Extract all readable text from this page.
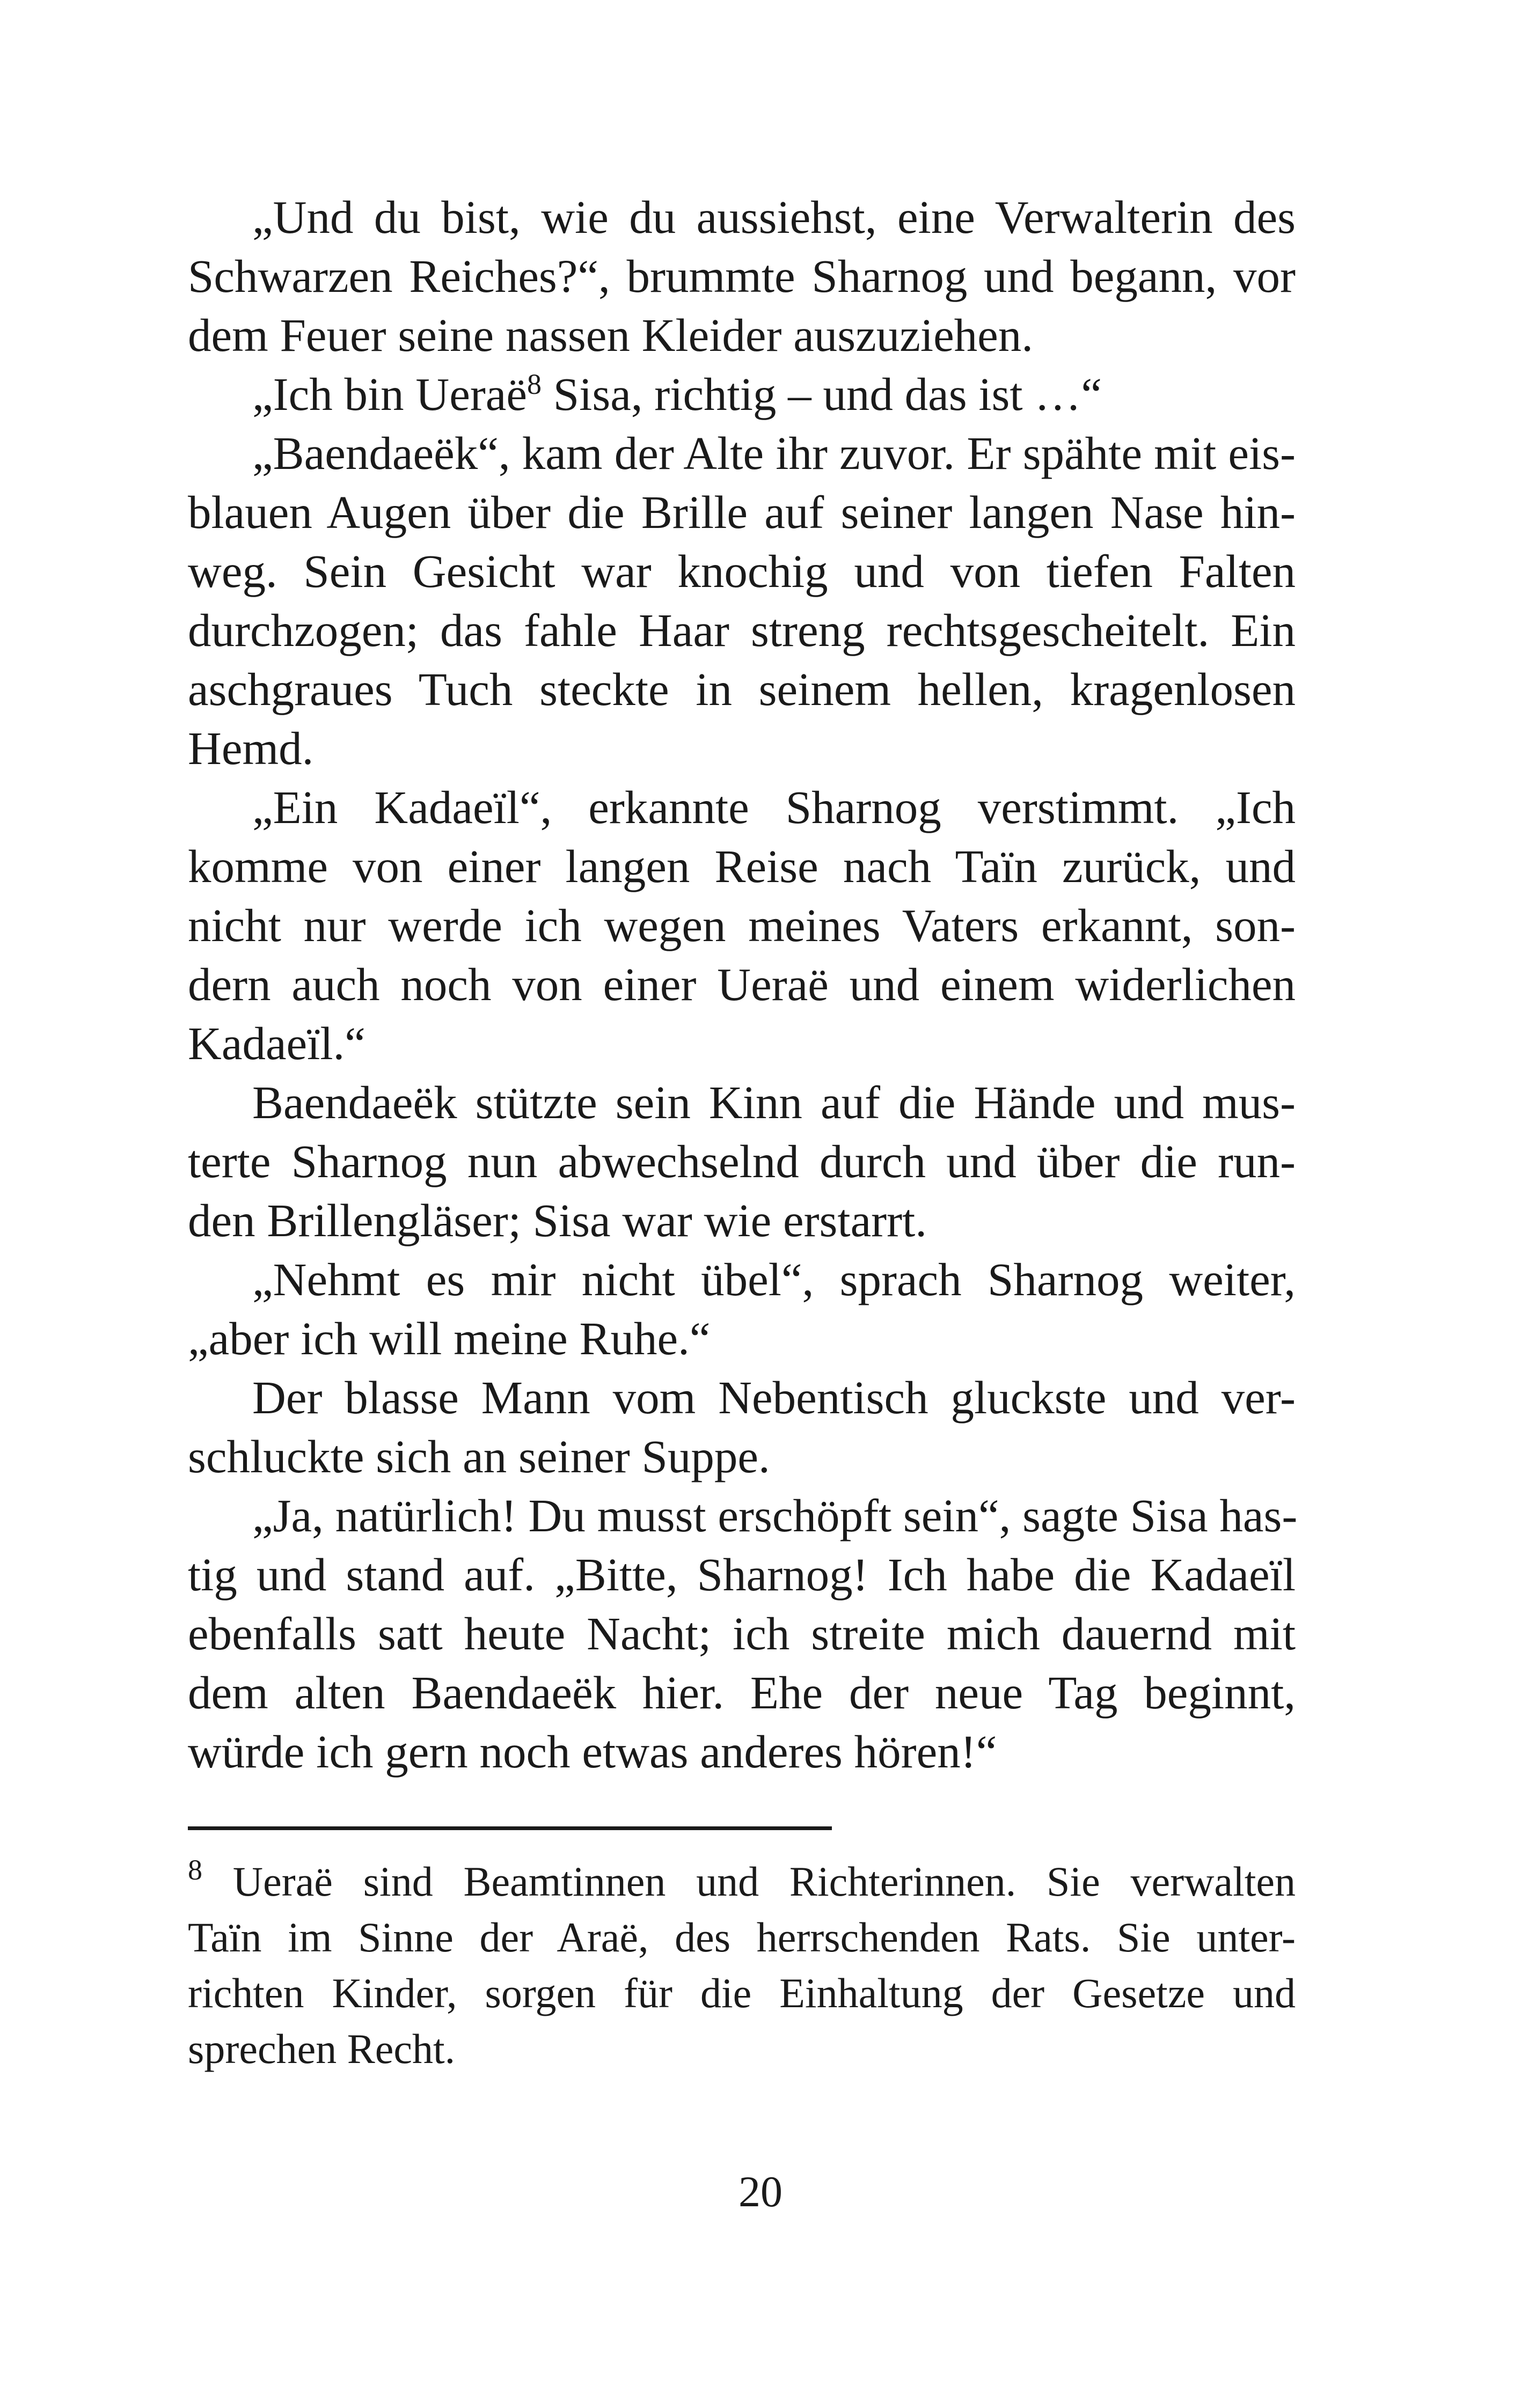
„Und du bist, wie du aussiehst, eine Verwalterin des
Schwarzen Reiches?“, brummte Sharnog und begann, vor
dem Feuer seine nassen Kleider auszuziehen.
„Ich bin Ueraë$^8$ Sisa, richtig – und das ist …“
„Baendaeëk“, kam der Alte ihr zuvor. Er spähte mit eis-
blauen Augen über die Brille auf seiner langen Nase hin-
weg. Sein Gesicht war knochig und von tiefen Falten
durchzogen; das fahle Haar streng rechtsgescheitelt. Ein
aschgraues Tuch steckte in seinem hellen, kragenlosen
Hemd.
„Ein Kadaeïl“, erkannte Sharnog verstimmt. „Ich
komme von einer langen Reise nach Taïn zurück, und
nicht nur werde ich wegen meines Vaters erkannt, son-
dern auch noch von einer Ueraë und einem widerlichen
Kadaeïl.“
Baendaeëk stützte sein Kinn auf die Hände und mus-
terte Sharnog nun abwechselnd durch und über die run-
den Brillengläser; Sisa war wie erstarrt.
„Nehmt es mir nicht übel“, sprach Sharnog weiter,
„aber ich will meine Ruhe.“
Der blasse Mann vom Nebentisch gluckste und ver-
schluckte sich an seiner Suppe.
„Ja, natürlich! Du musst erschöpft sein“, sagte Sisa has-
tig und stand auf. „Bitte, Sharnog! Ich habe die Kadaeïl
ebenfalls satt heute Nacht; ich streite mich dauernd mit
dem alten Baendaeëk hier. Ehe der neue Tag beginnt,
würde ich gern noch etwas anderes hören!“
$^8$ Ueraë sind Beamtinnen und Richterinnen. Sie verwalten
Taïn im Sinne der Araë, des herrschenden Rats. Sie unter-
richten Kinder, sorgen für die Einhaltung der Gesetze und
sprechen Recht.
20
